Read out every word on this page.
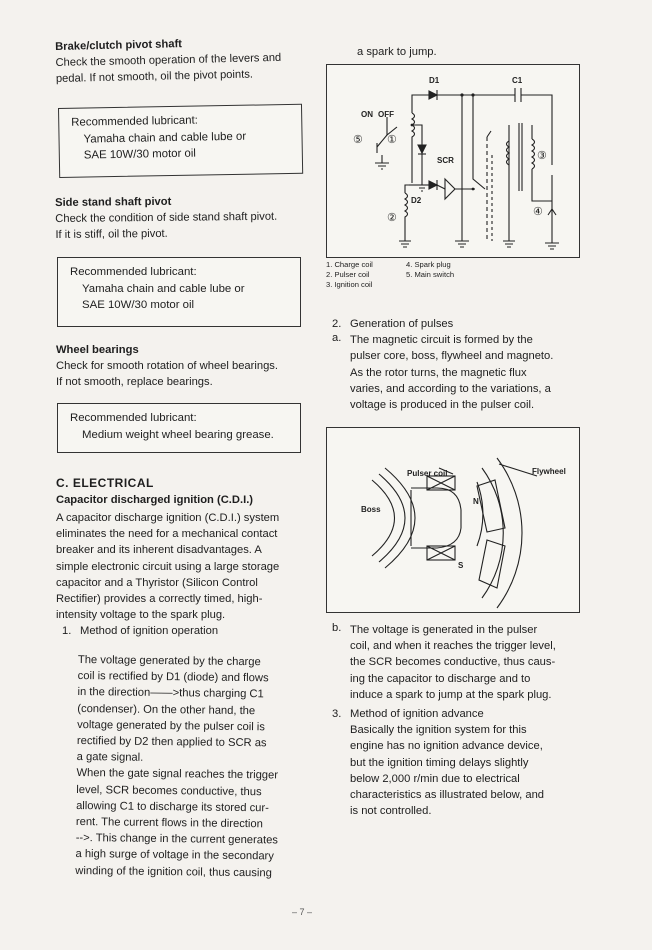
Brake/clutch pivot shaft

Check the smooth operation of the levers and

pedal. If not smooth, oil the pivot points.

Recommended lubricant:
Yamaha chain and cable lube or
SAE 10W/30 motor oil

Side stand shaft pivot

Check the condition of side stand shaft pivot.

If it is stiff, oil the pivot.

Recommended lubricant:
Yamaha chain and cable lube or
SAE 10W/30 motor oil

Wheel bearings

Check for smooth rotation of wheel bearings.

If not smooth, replace bearings.

Recommended lubricant:
Medium weight wheel bearing grease.

C. ELECTRICAL

Capacitor discharged ignition (C.D.I.)

A capacitor discharge ignition (C.D.I.) system

eliminates the need for a mechanical contact

breaker and its inherent disadvantages. A

simple electronic circuit using a large storage

capacitor and a Thyristor (Silicon Control

Rectifier) provides a correctly timed, high-

intensity voltage to the spark plug.

1. Method of ignition operation

The voltage generated by the charge

coil is rectified by D1 (diode) and flows

in the direction——>thus charging C1

(condenser). On the other hand, the

voltage generated by the pulser coil is

rectified by D2 then applied to SCR as

a gate signal.

When the gate signal reaches the trigger

level, SCR becomes conductive, thus

allowing C1 to discharge its stored cur-

rent. The current flows in the direction

-->. This change in the current generates

a high surge of voltage in the secondary

winding of the ignition coil, thus causing

a spark to jump.

D1	C1
ON OFF
⑤ ①
SCR
D2
②
③
④
1. Charge coil	4. Spark plug
2. Pulser coil	5. Main switch
3. Ignition coil

2. Generation of pulses

a. The magnetic circuit is formed by the

pulser core, boss, flywheel and magneto.

As the rotor turns, the magnetic flux

varies, and according to the variations, a

voltage is produced in the pulser coil.

Pulser coil	Flywheel
Boss
N
S
b. The voltage is generated in the pulser

coil, and when it reaches the trigger level,

the SCR becomes conductive, thus caus-

ing the capacitor to discharge and to

induce a spark to jump at the spark plug.

3. Method of ignition advance

Basically the ignition system for this

engine has no ignition advance device,

but the ignition timing delays slightly

below 2,000 r/min due to electrical

characteristics as illustrated below, and

is not controlled.

– 7 –
